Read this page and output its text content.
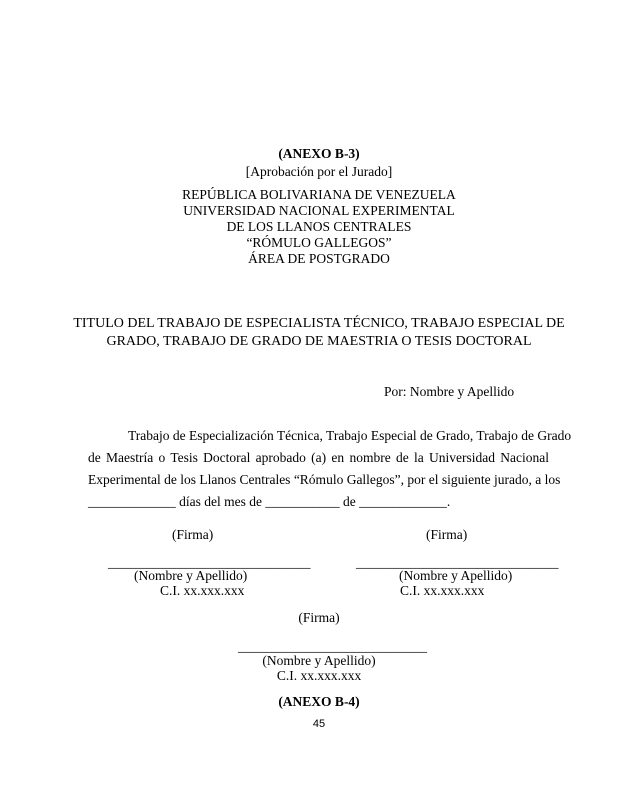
(ANEXO B-3)
[Aprobación por el Jurado]
REPÚBLICA BOLIVARIANA DE VENEZUELA
UNIVERSIDAD NACIONAL EXPERIMENTAL
DE LOS LLANOS CENTRALES
“RÓMULO GALLEGOS”
ÁREA DE POSTGRADO
TITULO DEL TRABAJO DE ESPECIALISTA TÉCNICO, TRABAJO ESPECIAL DE
GRADO, TRABAJO DE GRADO DE MAESTRIA O TESIS DOCTORAL
Por: Nombre y Apellido
Trabajo de Especialización Técnica, Trabajo Especial de Grado, Trabajo de Grado
de Maestría o Tesis Doctoral aprobado (a) en nombre de la Universidad Nacional
Experimental de los Llanos Centrales “Rómulo Gallegos”, por el siguiente jurado, a los
_____________ días del mes de ___________ de _____________.
(Firma)	(Firma)
______________________________	______________________________
(Nombre y Apellido)	(Nombre y Apellido)
C.I. xx.xxx.xxx	C.I. xx.xxx.xxx
(Firma)
____________________________
(Nombre y Apellido)
C.I. xx.xxx.xxx
(ANEXO B-4)
45
